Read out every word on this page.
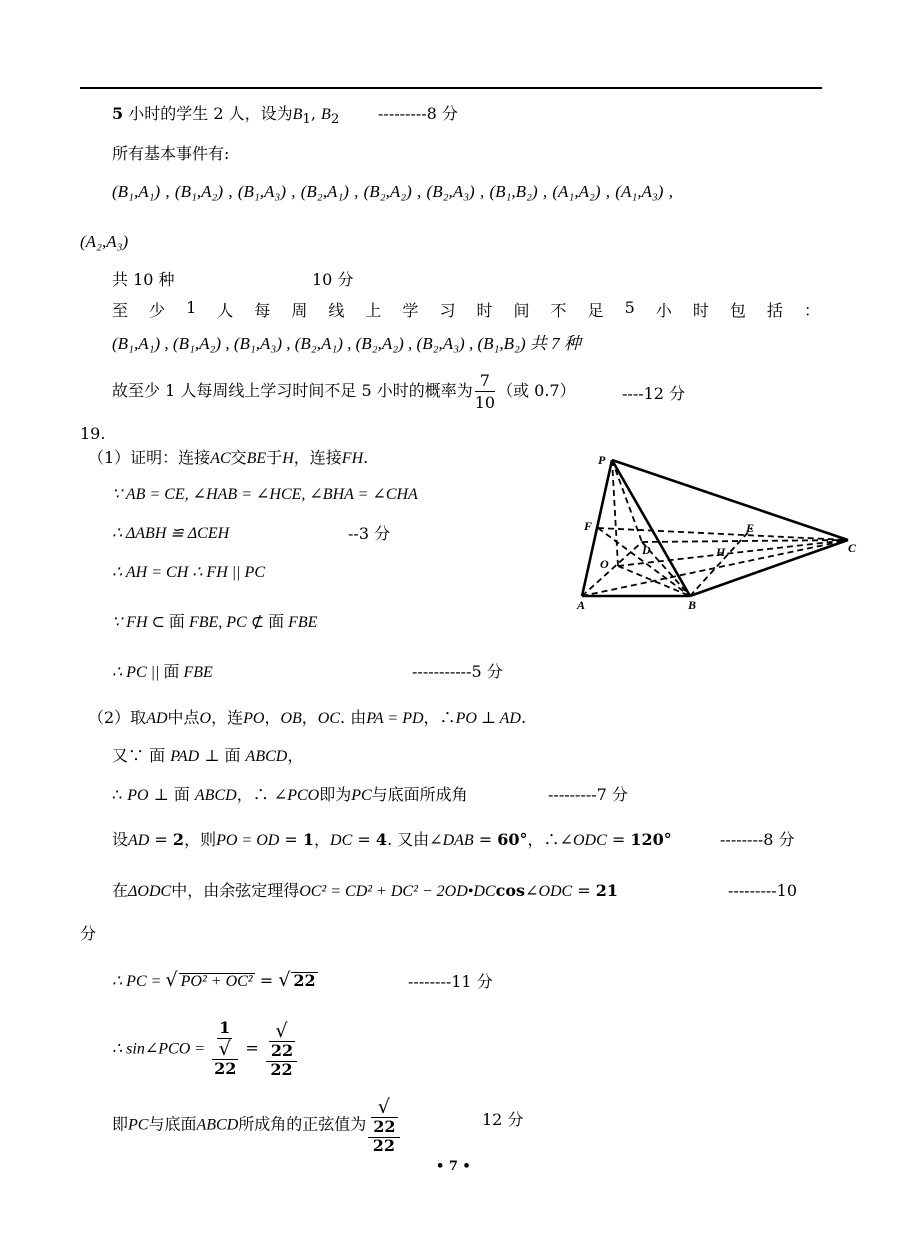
5 小时的学生 2 人，设为$B_1$, $B_2$ ---------8 分
所有基本事件有:
(B₁,A₁) , (B₁,A₂) , (B₁,A₃) , (B₂,A₁) , (B₂,A₂) , (B₂,A₃) , (B₁,B₂) , (A₁,A₂) , (A₁,A₃) ,
(A₂,A₃)
共 10 种	10 分
至 少 1 人 每 周 线 上 学 习 时 间 不 足 5 小 时 包 括 ：
(B₁,A₁) , (B₁,A₂) , (B₁,A₃) , (B₂,A₁) , (B₂,A₂) , (B₂,A₃) , (B₁,B₂) 共 7 种
故至少 1 人每周线上学习时间不足 5 小时的概率为 $\frac{7}{10}$ （或 0.7）	----12 分
19.
（1）证明：连接AC交BE于H，连接FH.
∵ AB = CE, ∠HAB = ∠HCE, ∠BHA = ∠CHA
∴ ΔABH ≌ ΔCEH	--3 分
∴ AH = CH ∴ FH || PC
∵ FH ⊂ 面 FBE, PC ⊄ 面 FBE
∴ PC || 面 FBE	-----------5 分
（2）取AD中点O，连PO，OB，OC. 由PA = PD，∴PO ⊥ AD.
又∵ 面 PAD ⊥ 面 ABCD，
∴ PO ⊥ 面 ABCD，∴ ∠PCO即为PC与底面所成角	---------7 分
设AD = 2，则PO = OD = 1，DC = 4. 又由∠DAB = 60°，∴∠ODC = 120°	--------8 分
在ΔODC中，由余弦定理得OC² = CD² + DC² − 2OD•DCcos∠ODC = 21	---------10
分
∴ PC = √ PO² + OC² = √ 22	--------11 分
∴ sin∠PCO = 1
√
22 = √
22
22
即PC与底面ABCD所成角的正弦值为 √
22
22	12 分
• 7 •
P
F	E
D	H
O
C
A	B
